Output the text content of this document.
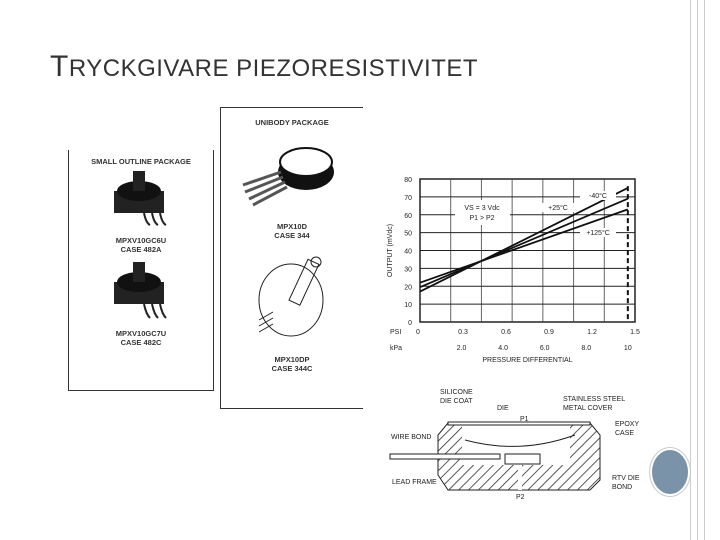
TRYCKGIVARE PIEZORESISTIVITET
SMALL OUTLINE PACKAGE
MPXV10GC6U
CASE 482A
MPXV10GC7U
CASE 482C
UNIBODY PACKAGE
MPX10D
CASE 344
MPX10DP
CASE 344C
0
10
20
30
40
50
60
70
80
PSI 0	0.3	0.6	0.9	1.2	1.5
kPa	2.0	4.0	6.0	8.0	10
PRESSURE DIFFERENTIAL
OUTPUT (mVdc)
VS = 3 Vdc
P1 > P2
-40°C
+25°C
+125°C
SILICONE DIE COAT
DIE
P1
STAINLESS STEEL METAL COVER
EPOXY CASE
WIRE BOND
LEAD FRAME
RTV DIE BOND
P2
